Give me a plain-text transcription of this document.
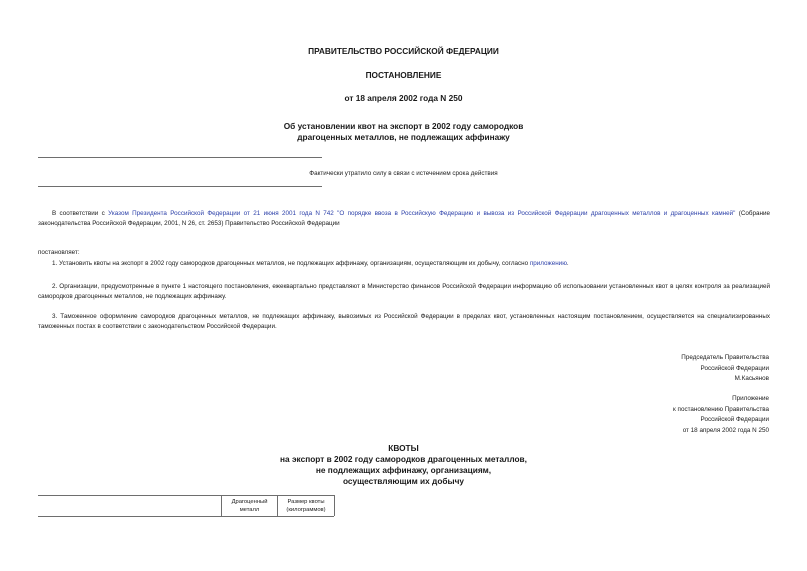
ПРАВИТЕЛЬСТВО РОССИЙСКОЙ ФЕДЕРАЦИИ
ПОСТАНОВЛЕНИЕ
от 18 апреля 2002 года N 250
Об установлении квот на экспорт в 2002 году самородков
драгоценных металлов, не подлежащих аффинажу
Фактически утратило силу в связи с истечением срока действия
В соответствии с Указом Президента Российской Федерации от 21 июня 2001 года N 742 "О порядке ввоза в Российскую Федерацию и вывоза из Российской Федерации драгоценных металлов и драгоценных камней" (Собрание законодательства Российской Федерации, 2001, N 26, ст. 2653) Правительство Российской Федерации
постановляет:
1. Установить квоты на экспорт в 2002 году самородков драгоценных металлов, не подлежащих аффинажу, организациям, осуществляющим их добычу, согласно приложению.
2. Организации, предусмотренные в пункте 1 настоящего постановления, ежеквартально представляют в Министерство финансов Российской Федерации информацию об использовании установленных квот в целях контроля за реализацией самородков драгоценных металлов, не подлежащих аффинажу.
3. Таможенное оформление самородков драгоценных металлов, не подлежащих аффинажу, вывозимых из Российской Федерации в пределах квот, установленных настоящим постановлением, осуществляется на специализированных таможенных постах в соответствии с законодательством Российской Федерации.
Председатель Правительства
Российской Федерации
М.Касьянов
Приложение
к постановлению Правительства
Российской Федерации
от 18 апреля 2002 года N 250
КВОТЫ
на экспорт в 2002 году самородков драгоценных металлов,
не подлежащих аффинажу, организациям,
осуществляющим их добычу
Драгоценный
металл
Размер квоты
(килограммов)
